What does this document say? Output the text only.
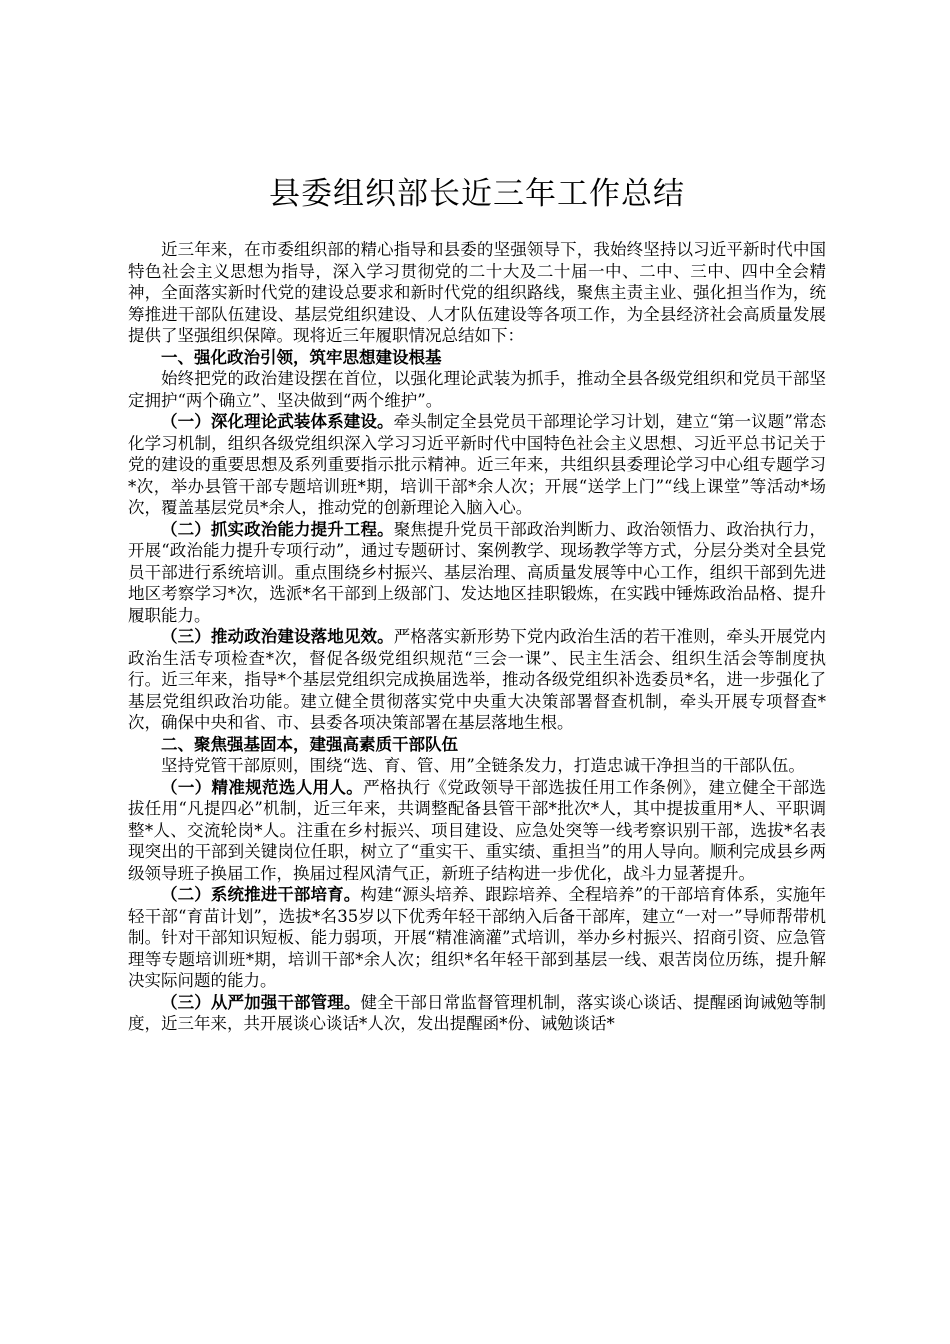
县委组织部长近三年工作总结

近三年来，在市委组织部的精心指导和县委的坚强领导下，我始终坚持以习近平新时代中国特色社会主义思想为指导，深入学习贯彻党的二十大及二十届一中、二中、三中、四中全会精神，全面落实新时代党的建设总要求和新时代党的组织路线，聚焦主责主业、强化担当作为，统筹推进干部队伍建设、基层党组织建设、人才队伍建设等各项工作，为全县经济社会高质量发展提供了坚强组织保障。现将近三年履职情况总结如下：

一、强化政治引领，筑牢思想建设根基

始终把党的政治建设摆在首位，以强化理论武装为抓手，推动全县各级党组织和党员干部坚定拥护“两个确立”、坚决做到“两个维护”。

（一）深化理论武装体系建设。牵头制定全县党员干部理论学习计划，建立“第一议题”常态化学习机制，组织各级党组织深入学习习近平新时代中国特色社会主义思想、习近平总书记关于党的建设的重要思想及系列重要指示批示精神。近三年来，共组织县委理论学习中心组专题学习*次，举办县管干部专题培训班*期，培训干部*余人次；开展“送学上门”“线上课堂”等活动*场次，覆盖基层党员*余人，推动党的创新理论入脑入心。

（二）抓实政治能力提升工程。聚焦提升党员干部政治判断力、政治领悟力、政治执行力，开展“政治能力提升专项行动”，通过专题研讨、案例教学、现场教学等方式，分层分类对全县党员干部进行系统培训。重点围绕乡村振兴、基层治理、高质量发展等中心工作，组织干部到先进地区考察学习*次，选派*名干部到上级部门、发达地区挂职锻炼，在实践中锤炼政治品格、提升履职能力。

（三）推动政治建设落地见效。严格落实新形势下党内政治生活的若干准则，牵头开展党内政治生活专项检查*次，督促各级党组织规范“三会一课”、民主生活会、组织生活会等制度执行。近三年来，指导*个基层党组织完成换届选举，推动各级党组织补选委员*名，进一步强化了基层党组织政治功能。建立健全贯彻落实党中央重大决策部署督查机制，牵头开展专项督查*次，确保中央和省、市、县委各项决策部署在基层落地生根。

二、聚焦强基固本，建强高素质干部队伍

坚持党管干部原则，围绕“选、育、管、用”全链条发力，打造忠诚干净担当的干部队伍。

（一）精准规范选人用人。严格执行《党政领导干部选拔任用工作条例》，建立健全干部选拔任用“凡提四必”机制，近三年来，共调整配备县管干部*批次*人，其中提拔重用*人、平职调整*人、交流轮岗*人。注重在乡村振兴、项目建设、应急处突等一线考察识别干部，选拔*名表现突出的干部到关键岗位任职，树立了“重实干、重实绩、重担当”的用人导向。顺利完成县乡两级领导班子换届工作，换届过程风清气正，新班子结构进一步优化，战斗力显著提升。

（二）系统推进干部培育。构建“源头培养、跟踪培养、全程培养”的干部培育体系，实施年轻干部“育苗计划”，选拔*名35岁以下优秀年轻干部纳入后备干部库，建立“一对一”导师帮带机制。针对干部知识短板、能力弱项，开展“精准滴灌”式培训，举办乡村振兴、招商引资、应急管理等专题培训班*期，培训干部*余人次；组织*名年轻干部到基层一线、艰苦岗位历练，提升解决实际问题的能力。

（三）从严加强干部管理。健全干部日常监督管理机制，落实谈心谈话、提醒函询诫勉等制度，近三年来，共开展谈心谈话*人次，发出提醒函*份、诫勉谈话*
